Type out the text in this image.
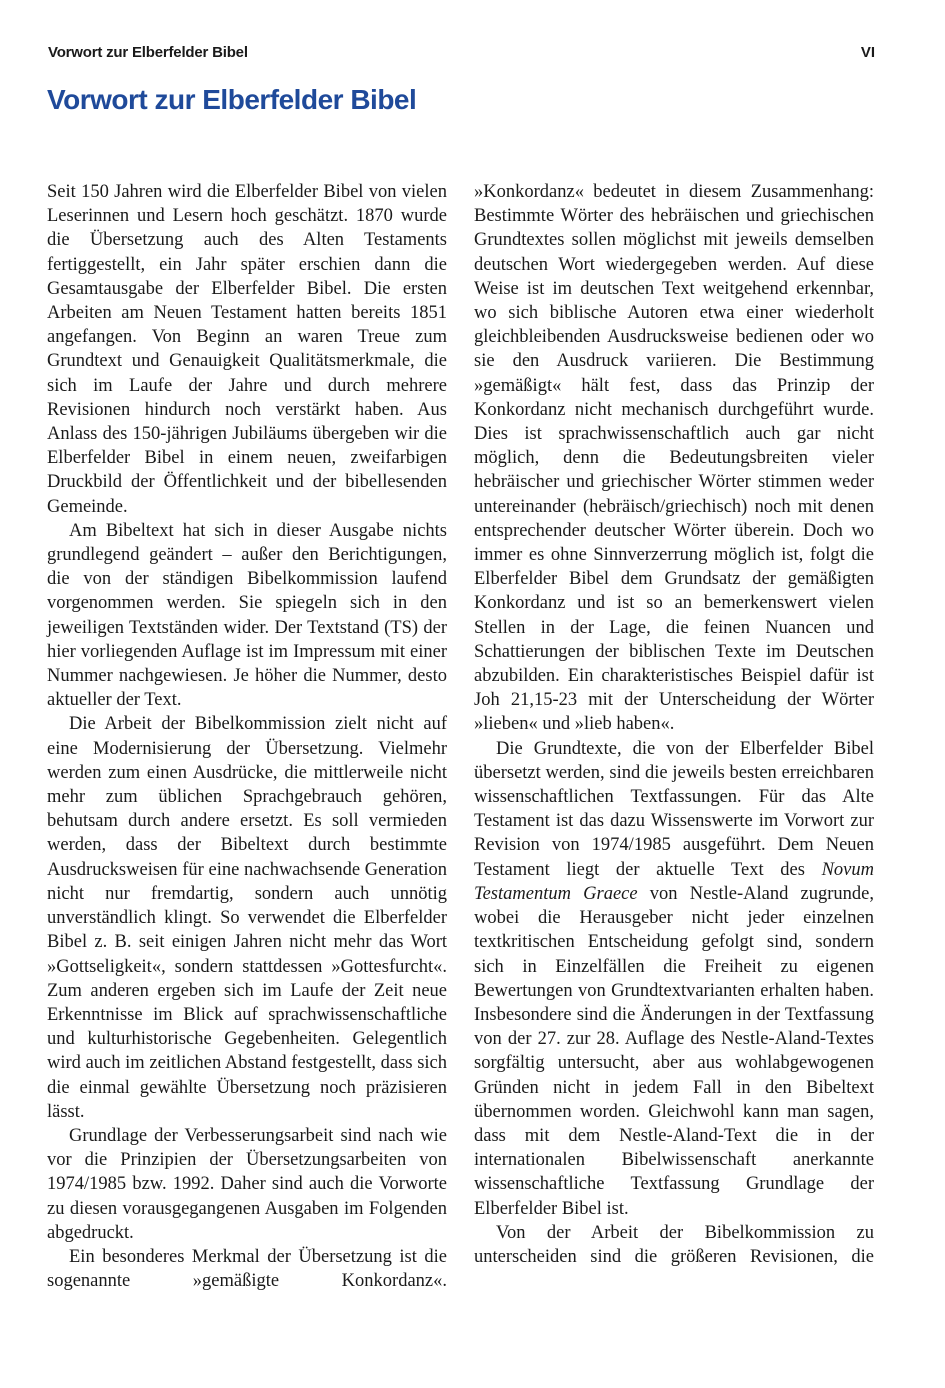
Vorwort zur Elberfelder Bibel	VI
Vorwort zur Elberfelder Bibel

Seit 150 Jahren wird die Elberfelder Bibel von vielen Leserinnen und Lesern hoch geschätzt. 1870 wurde die Übersetzung auch des Alten Testaments fertiggestellt, ein Jahr später erschien dann die Gesamtausgabe der Elberfelder Bibel. Die ersten Arbeiten am Neuen Testament hatten bereits 1851 angefangen. Von Beginn an waren Treue zum Grundtext und Genauigkeit Qualitätsmerkmale, die sich im Laufe der Jahre und durch mehrere Revisionen hindurch noch verstärkt haben. Aus Anlass des 150-jährigen Jubiläums übergeben wir die Elberfelder Bibel in einem neuen, zweifarbigen Druckbild der Öffentlichkeit und der bibellesenden Gemeinde.

Am Bibeltext hat sich in dieser Ausgabe nichts grundlegend geändert – außer den Berichtigungen, die von der ständigen Bibelkommission laufend vorgenommen werden. Sie spiegeln sich in den jeweiligen Textständen wider. Der Textstand (TS) der hier vorliegenden Auflage ist im Impressum mit einer Nummer nachgewiesen. Je höher die Nummer, desto aktueller der Text.

Die Arbeit der Bibelkommission zielt nicht auf eine Modernisierung der Übersetzung. Vielmehr werden zum einen Ausdrücke, die mittlerweile nicht mehr zum üblichen Sprachgebrauch gehören, behutsam durch andere ersetzt. Es soll vermieden werden, dass der Bibeltext durch bestimmte Ausdrucksweisen für eine nachwachsende Generation nicht nur fremdartig, sondern auch unnötig unverständlich klingt. So verwendet die Elberfelder Bibel z. B. seit einigen Jahren nicht mehr das Wort »Gottseligkeit«, sondern stattdessen »Gottesfurcht«. Zum anderen ergeben sich im Laufe der Zeit neue Erkenntnisse im Blick auf sprachwissenschaftliche und kulturhistorische Gegebenheiten. Gelegentlich wird auch im zeitlichen Abstand festgestellt, dass sich die einmal gewählte Übersetzung noch präzisieren lässt.

Grundlage der Verbesserungsarbeit sind nach wie vor die Prinzipien der Übersetzungsarbeiten von 1974/1985 bzw. 1992. Daher sind auch die Vorworte zu diesen vorausgegangenen Ausgaben im Folgenden abgedruckt.

Ein besonderes Merkmal der Übersetzung ist die sogenannte »gemäßigte Konkordanz«.

»Konkordanz« bedeutet in diesem Zusammenhang: Bestimmte Wörter des hebräischen und griechischen Grundtextes sollen möglichst mit jeweils demselben deutschen Wort wiedergegeben werden. Auf diese Weise ist im deutschen Text weitgehend erkennbar, wo sich biblische Autoren etwa einer wiederholt gleichbleibenden Ausdrucksweise bedienen oder wo sie den Ausdruck variieren. Die Bestimmung »gemäßigt« hält fest, dass das Prinzip der Konkordanz nicht mechanisch durchgeführt wurde. Dies ist sprachwissenschaftlich auch gar nicht möglich, denn die Bedeutungsbreiten vieler hebräischer und griechischer Wörter stimmen weder untereinander (hebräisch/griechisch) noch mit denen entsprechender deutscher Wörter überein. Doch wo immer es ohne Sinnverzerrung möglich ist, folgt die Elberfelder Bibel dem Grundsatz der gemäßigten Konkordanz und ist so an bemerkenswert vielen Stellen in der Lage, die feinen Nuancen und Schattierungen der biblischen Texte im Deutschen abzubilden. Ein charakteristisches Beispiel dafür ist Joh 21,15-23 mit der Unterscheidung der Wörter »lieben« und »lieb haben«.

Die Grundtexte, die von der Elberfelder Bibel übersetzt werden, sind die jeweils besten erreichbaren wissenschaftlichen Textfassungen. Für das Alte Testament ist das dazu Wissenswerte im Vorwort zur Revision von 1974/1985 ausgeführt. Dem Neuen Testament liegt der aktuelle Text des Novum Testamentum Graece von Nestle-Aland zugrunde, wobei die Herausgeber nicht jeder einzelnen textkritischen Entscheidung gefolgt sind, sondern sich in Einzelfällen die Freiheit zu eigenen Bewertungen von Grundtextvarianten erhalten haben. Insbesondere sind die Änderungen in der Textfassung von der 27. zur 28. Auflage des Nestle-Aland-Textes sorgfältig untersucht, aber aus wohlabgewogenen Gründen nicht in jedem Fall in den Bibeltext übernommen worden. Gleichwohl kann man sagen, dass mit dem Nestle-Aland-Text die in der internationalen Bibelwissenschaft anerkannte wissenschaftliche Textfassung Grundlage der Elberfelder Bibel ist.

Von der Arbeit der Bibelkommission zu unterscheiden sind die größeren Revisionen, die
